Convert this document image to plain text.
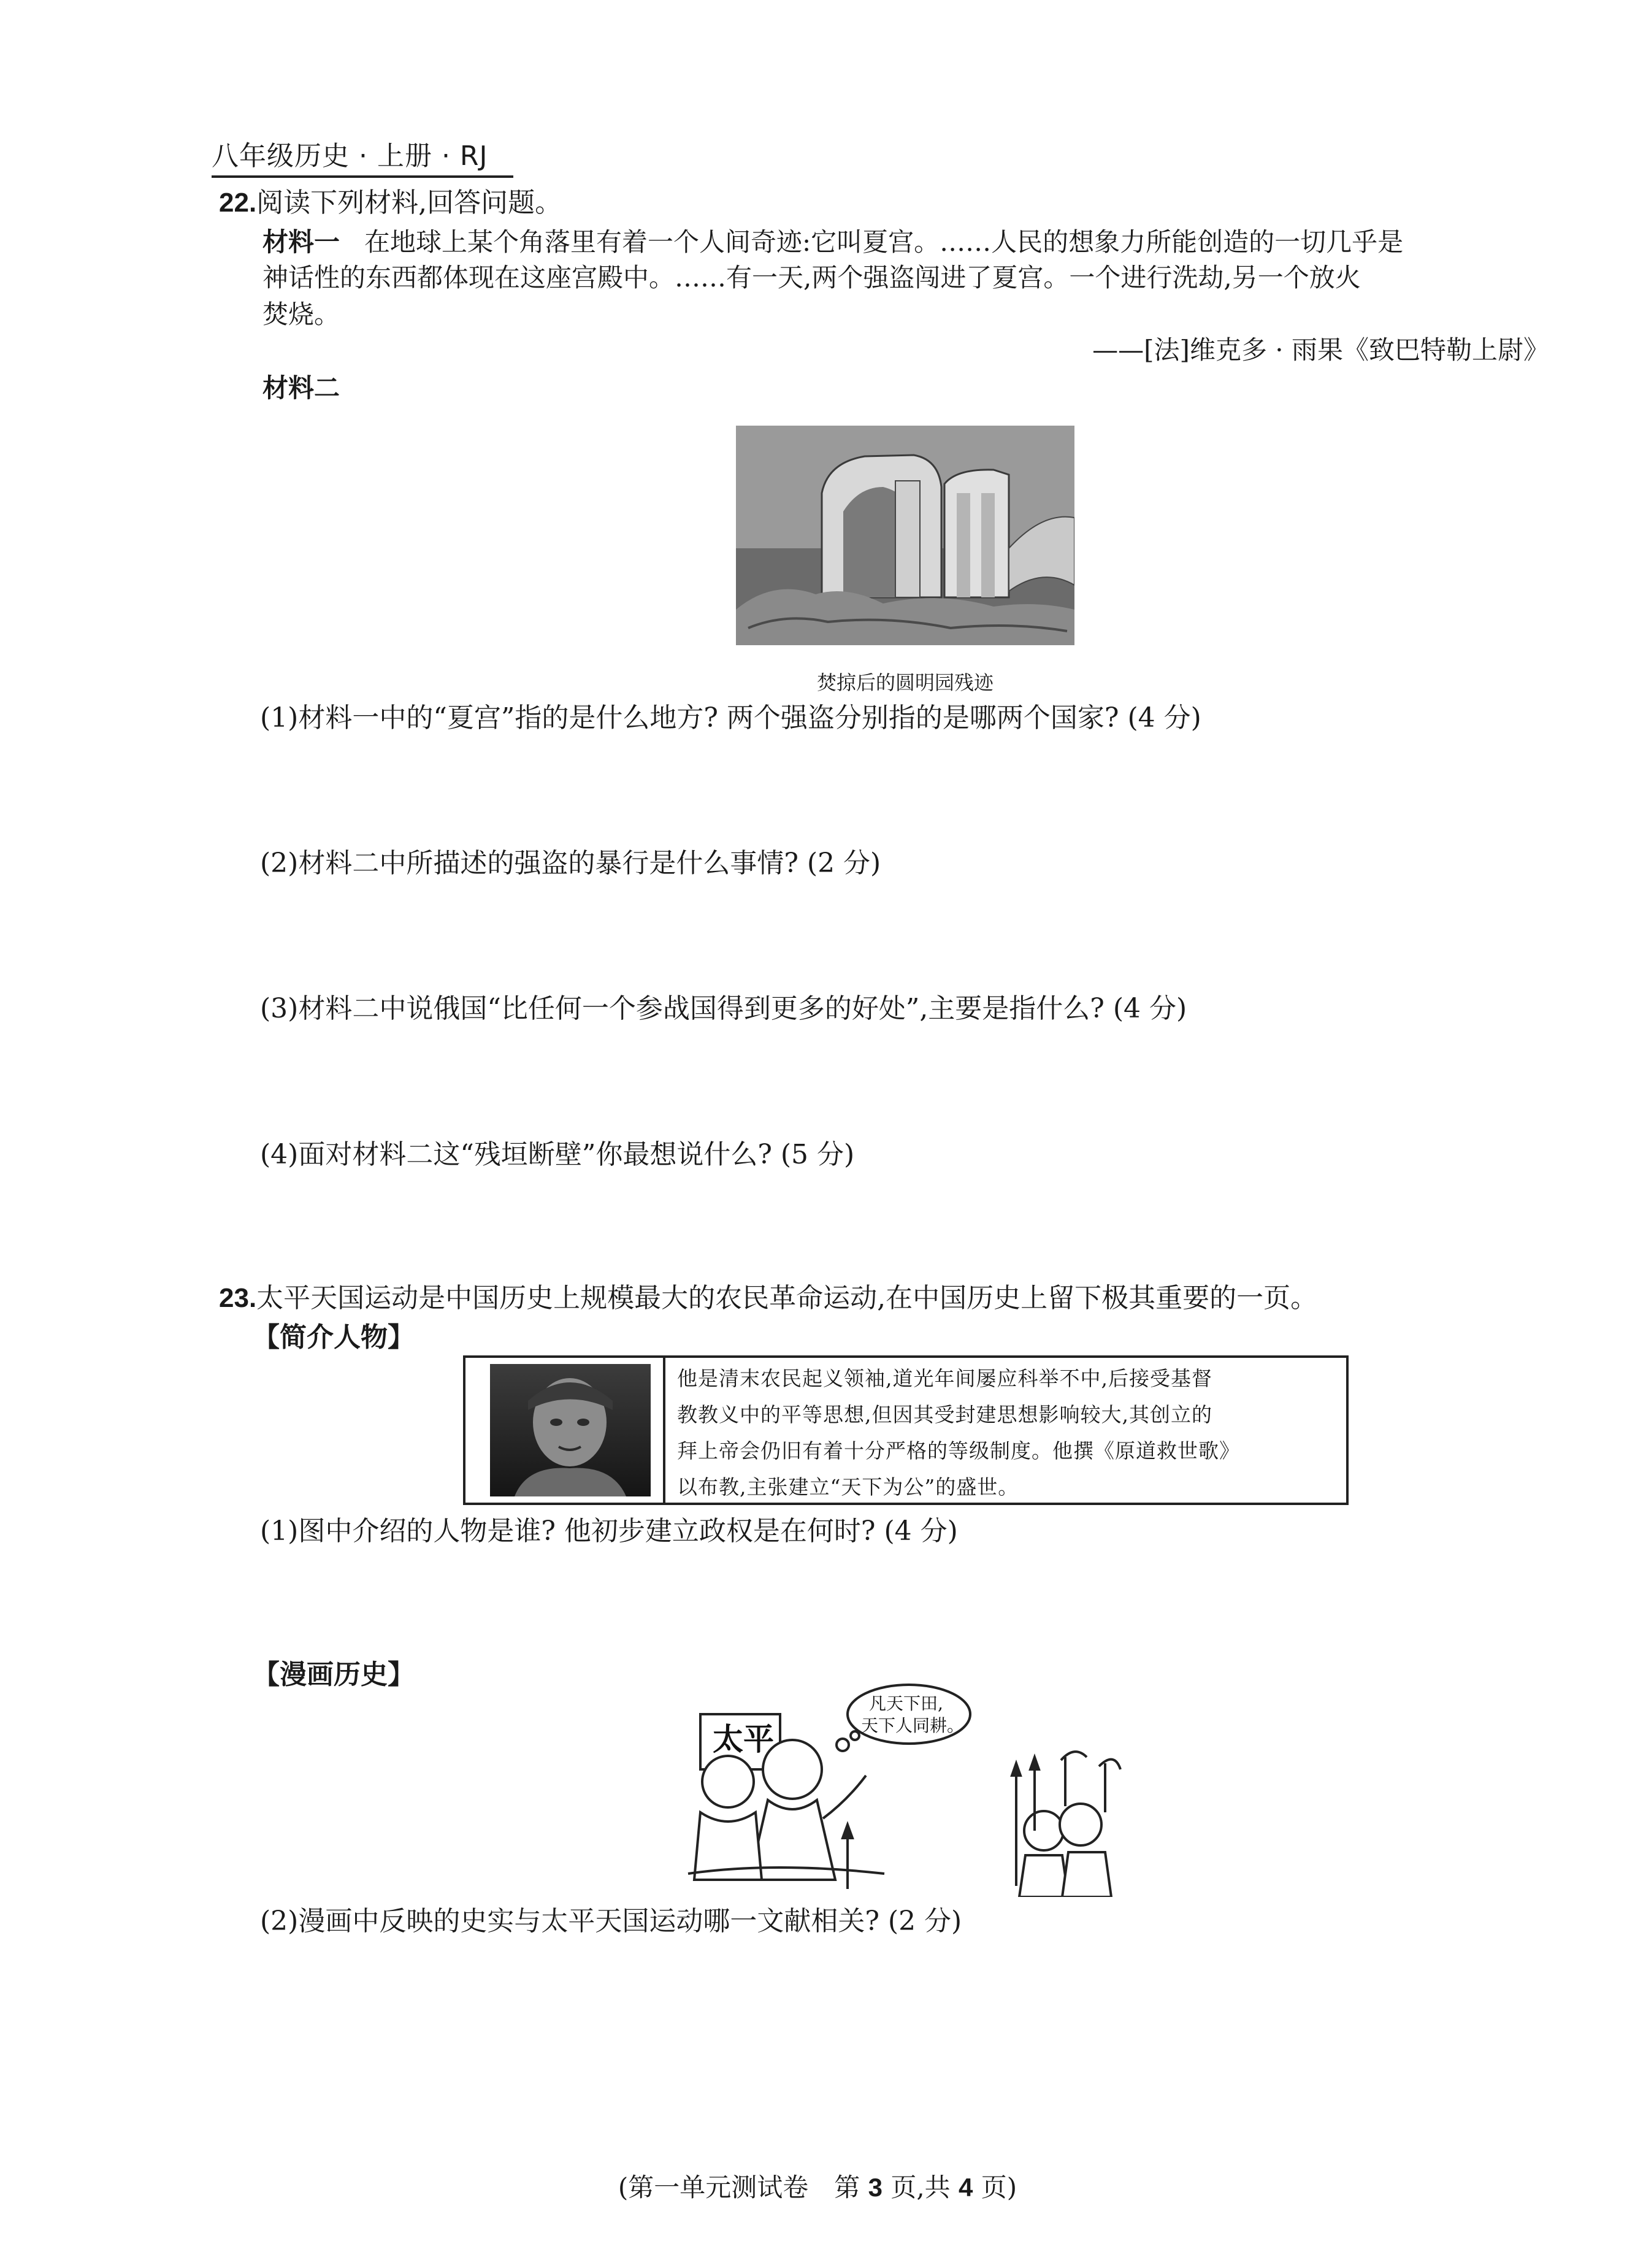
八年级历史 · 上册 · RJ
22.阅读下列材料,回答问题。
材料一 在地球上某个角落里有着一个人间奇迹:它叫夏宫。……人民的想象力所能创造的一切几乎是
神话性的东西都体现在这座宫殿中。……有一天,两个强盗闯进了夏宫。一个进行洗劫,另一个放火
焚烧。
——[法]维克多 · 雨果《致巴特勒上尉》
材料二
焚掠后的圆明园残迹
(1)材料一中的“夏宫”指的是什么地方? 两个强盗分别指的是哪两个国家? (4 分)
(2)材料二中所描述的强盗的暴行是什么事情? (2 分)
(3)材料二中说俄国“比任何一个参战国得到更多的好处”,主要是指什么? (4 分)
(4)面对材料二这“残垣断壁”你最想说什么? (5 分)
23.太平天国运动是中国历史上规模最大的农民革命运动,在中国历史上留下极其重要的一页。
【简介人物】
他是清末农民起义领袖,道光年间屡应科举不中,后接受基督
教教义中的平等思想,但因其受封建思想影响较大,其创立的
拜上帝会仍旧有着十分严格的等级制度。他撰《原道救世歌》
以布教,主张建立“天下为公”的盛世。
(1)图中介绍的人物是谁? 他初步建立政权是在何时? (4 分)
【漫画历史】
太平
凡天下田,
天下人同耕。
(2)漫画中反映的史实与太平天国运动哪一文献相关? (2 分)
(第一单元测试卷　第 3 页,共 4 页)
